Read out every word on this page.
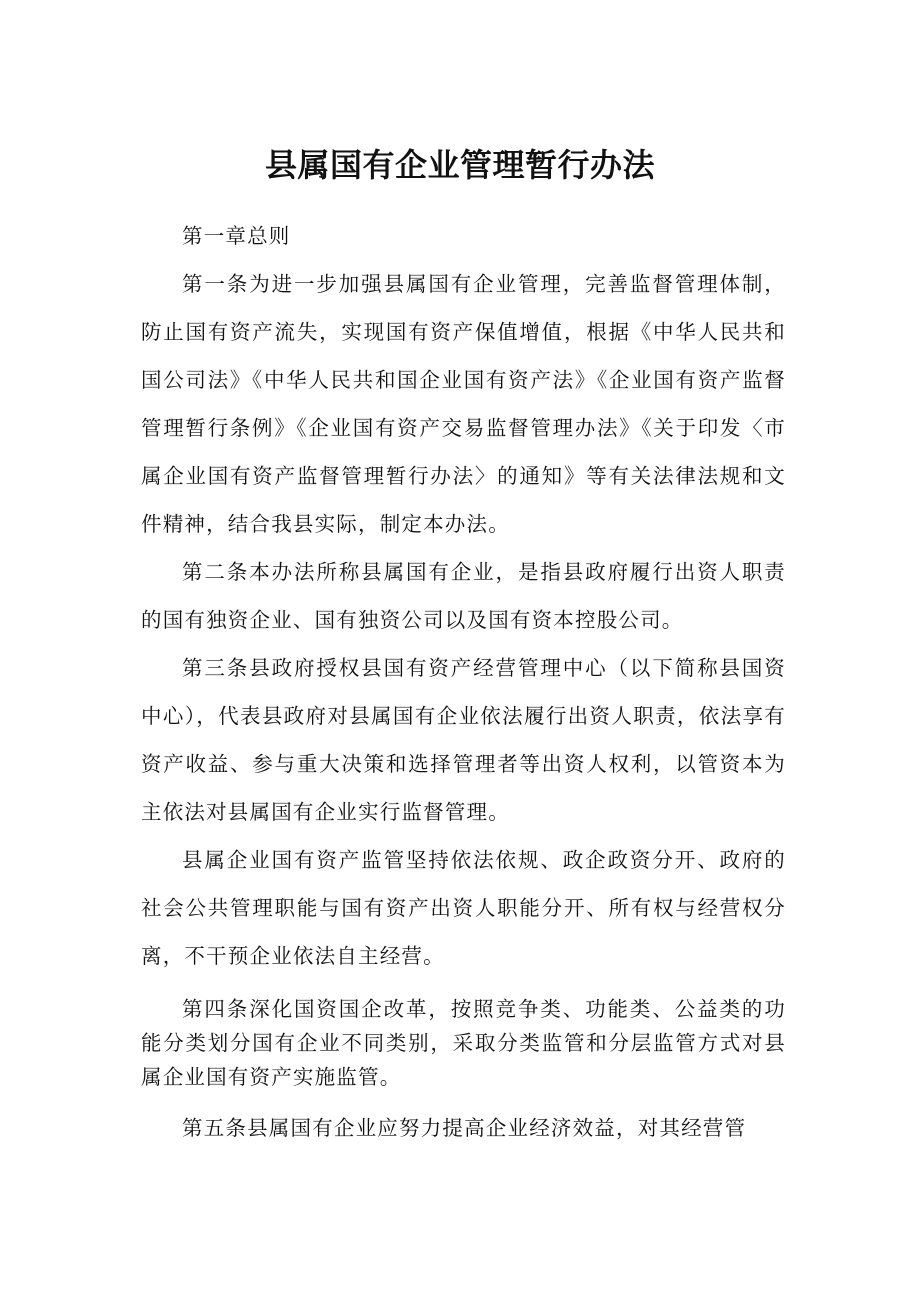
县属国有企业管理暂行办法

第一章总则

第一条为进一步加强县属国有企业管理，完善监督管理体制，防止国有资产流失，实现国有资产保值增值，根据《中华人民共和国公司法》《中华人民共和国企业国有资产法》《企业国有资产监督管理暂行条例》《企业国有资产交易监督管理办法》《关于印发〈市属企业国有资产监督管理暂行办法〉的通知》等有关法律法规和文件精神，结合我县实际，制定本办法。

第二条本办法所称县属国有企业，是指县政府履行出资人职责的国有独资企业、国有独资公司以及国有资本控股公司。

第三条县政府授权县国有资产经营管理中心（以下简称县国资中心），代表县政府对县属国有企业依法履行出资人职责，依法享有资产收益、参与重大决策和选择管理者等出资人权利，以管资本为主依法对县属国有企业实行监督管理。

县属企业国有资产监管坚持依法依规、政企政资分开、政府的社会公共管理职能与国有资产出资人职能分开、所有权与经营权分离，不干预企业依法自主经营。

第四条深化国资国企改革，按照竞争类、功能类、公益类的功能分类划分国有企业不同类别，采取分类监管和分层监管方式对县属企业国有资产实施监管。

第五条县属国有企业应努力提高企业经济效益，对其经营管
